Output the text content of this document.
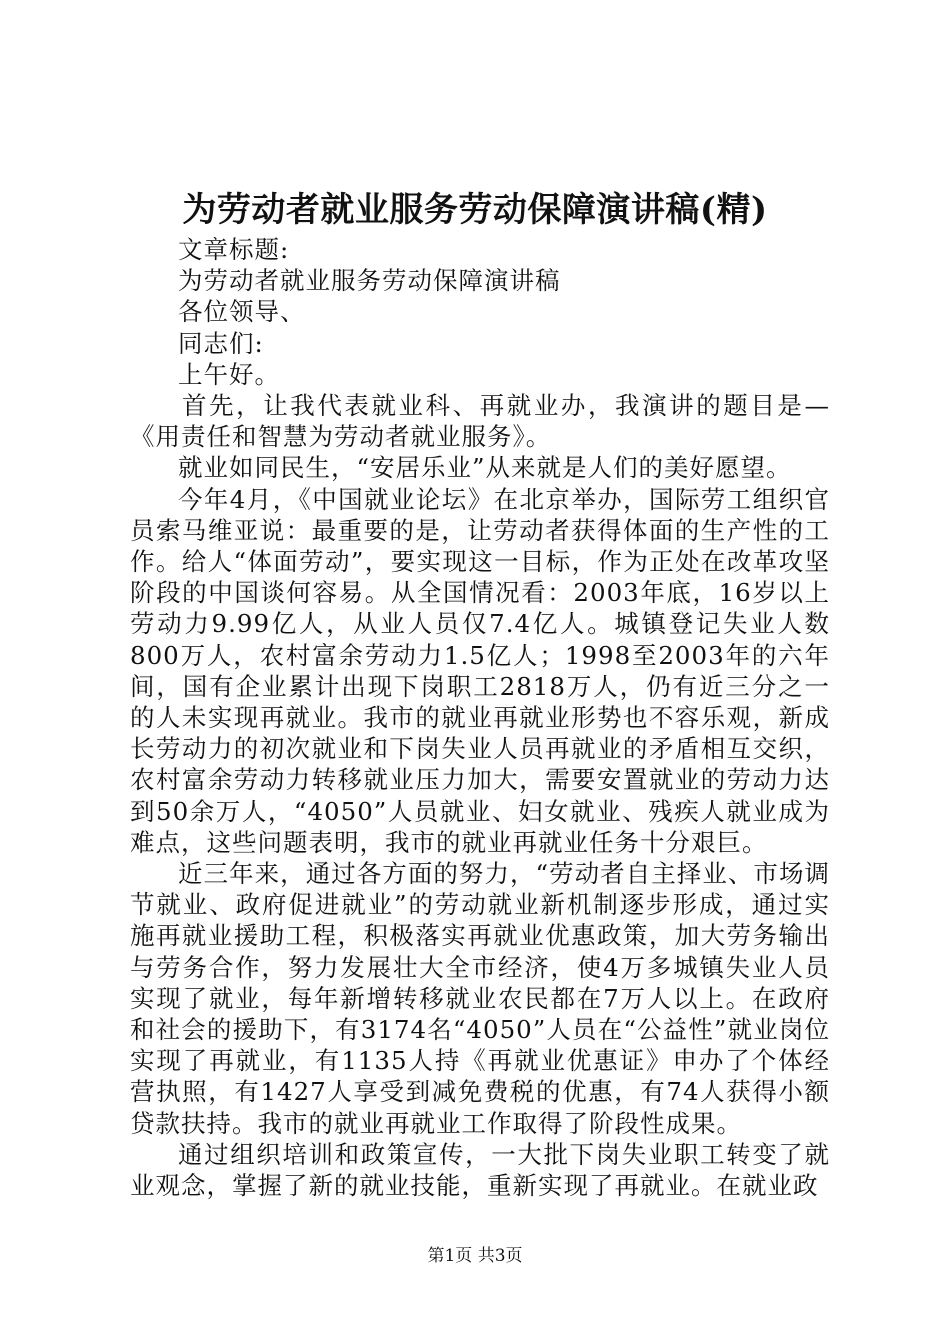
为劳动者就业服务劳动保障演讲稿(精)

文章标题:

为劳动者就业服务劳动保障演讲稿

各位领导、

同志们:

上午好。

首先，让我代表就业科、再就业办，我演讲的题目是—《用责任和智慧为劳动者就业服务》。

就业如同民生，“安居乐业”从来就是人们的美好愿望。

今年4月，《中国就业论坛》在北京举办，国际劳工组织官员索马维亚说：最重要的是，让劳动者获得体面的生产性的工作。给人“体面劳动”，要实现这一目标，作为正处在改革攻坚阶段的中国谈何容易。从全国情况看：2003年底，16岁以上劳动力9.99亿人，从业人员仅7.4亿人。城镇登记失业人数800万人，农村富余劳动力1.5亿人；1998至2003年的六年间，国有企业累计出现下岗职工2818万人，仍有近三分之一的人未实现再就业。我市的就业再就业形势也不容乐观，新成长劳动力的初次就业和下岗失业人员再就业的矛盾相互交织，农村富余劳动力转移就业压力加大，需要安置就业的劳动力达到50余万人，“4050”人员就业、妇女就业、残疾人就业成为难点，这些问题表明，我市的就业再就业任务十分艰巨。

近三年来，通过各方面的努力，“劳动者自主择业、市场调节就业、政府促进就业”的劳动就业新机制逐步形成，通过实施再就业援助工程，积极落实再就业优惠政策，加大劳务输出与劳务合作，努力发展壮大全市经济，使4万多城镇失业人员实现了就业，每年新增转移就业农民都在7万人以上。在政府和社会的援助下，有3174名“4050”人员在“公益性”就业岗位实现了再就业，有1135人持《再就业优惠证》申办了个体经营执照，有1427人享受到减免费税的优惠，有74人获得小额贷款扶持。我市的就业再就业工作取得了阶段性成果。

通过组织培训和政策宣传，一大批下岗失业职工转变了就业观念，掌握了新的就业技能，重新实现了再就业。在就业政

第1页 共3页
